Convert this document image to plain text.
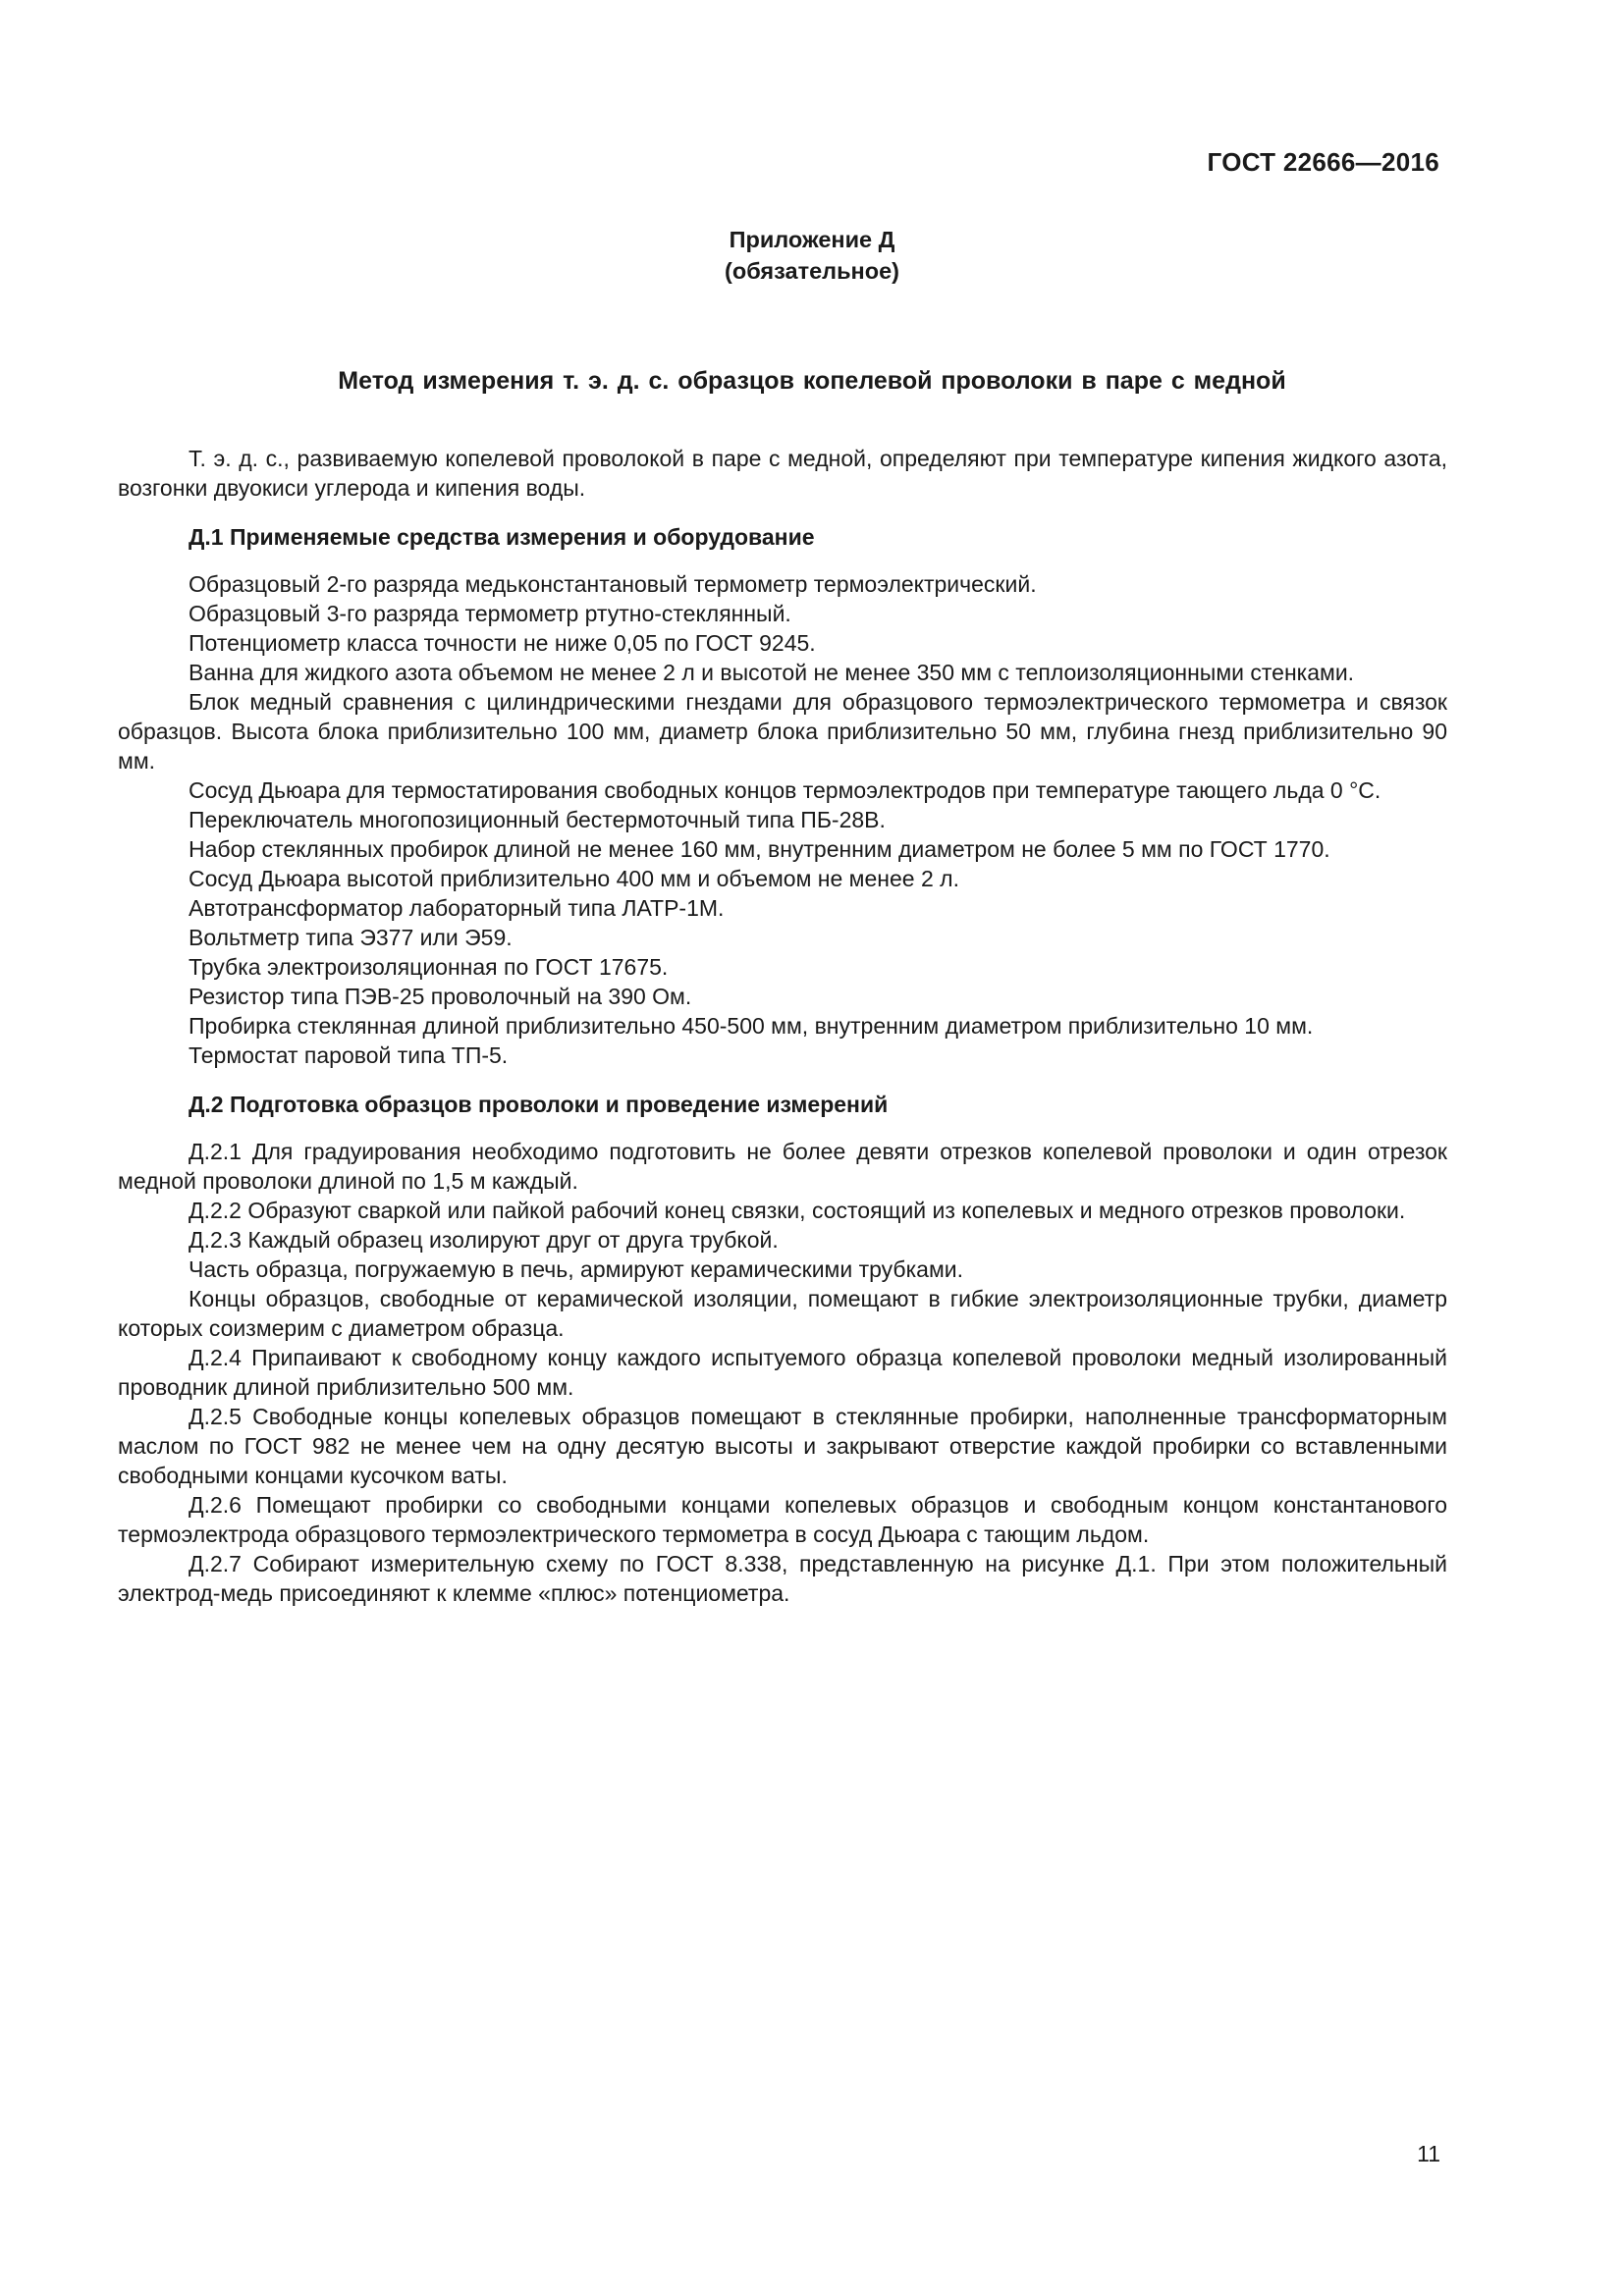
ГОСТ 22666—2016
Приложение Д
(обязательное)
Метод измерения т. э. д. с. образцов копелевой проволоки в паре с медной

Т. э. д. с., развиваемую копелевой проволокой в паре с медной, определяют при температуре кипения жидкого азота, возгонки двуокиси углерода и кипения воды.

Д.1 Применяемые средства измерения и оборудование

Образцовый 2-го разряда медьконстантановый термометр термоэлектрический.

Образцовый 3-го разряда термометр ртутно-стеклянный.

Потенциометр класса точности не ниже 0,05 по ГОСТ 9245.

Ванна для жидкого азота объемом не менее 2 л и высотой не менее 350 мм с теплоизоляционными стенками.

Блок медный сравнения с цилиндрическими гнездами для образцового термоэлектрического термометра и связок образцов. Высота блока приблизительно 100 мм, диаметр блока приблизительно 50 мм, глубина гнезд приблизительно 90 мм.

Сосуд Дьюара для термостатирования свободных концов термоэлектродов при температуре тающего льда 0 °С.

Переключатель многопозиционный бестермоточный типа ПБ-28В.

Набор стеклянных пробирок длиной не менее 160 мм, внутренним диаметром не более 5 мм по ГОСТ 1770.

Сосуд Дьюара высотой приблизительно 400 мм и объемом не менее 2 л.

Автотрансформатор лабораторный типа ЛАТР-1М.

Вольтметр типа Э377 или Э59.

Трубка электроизоляционная по ГОСТ 17675.

Резистор типа ПЭВ-25 проволочный на 390 Ом.

Пробирка стеклянная длиной приблизительно 450-500 мм, внутренним диаметром приблизительно 10 мм.

Термостат паровой типа ТП-5.

Д.2 Подготовка образцов проволоки и проведение измерений

Д.2.1 Для градуирования необходимо подготовить не более девяти отрезков копелевой проволоки и один отрезок медной проволоки длиной по 1,5 м каждый.

Д.2.2 Образуют сваркой или пайкой рабочий конец связки, состоящий из копелевых и медного отрезков проволоки.

Д.2.3 Каждый образец изолируют друг от друга трубкой.

Часть образца, погружаемую в печь, армируют керамическими трубками.

Концы образцов, свободные от керамической изоляции, помещают в гибкие электроизоляционные трубки, диаметр которых соизмерим с диаметром образца.

Д.2.4 Припаивают к свободному концу каждого испытуемого образца копелевой проволоки медный изолированный проводник длиной приблизительно 500 мм.

Д.2.5 Свободные концы копелевых образцов помещают в стеклянные пробирки, наполненные трансформаторным маслом по ГОСТ 982 не менее чем на одну десятую высоты и закрывают отверстие каждой пробирки со вставленными свободными концами кусочком ваты.

Д.2.6 Помещают пробирки со свободными концами копелевых образцов и свободным концом константанового термоэлектрода образцового термоэлектрического термометра в сосуд Дьюара с тающим льдом.

Д.2.7 Собирают измерительную схему по ГОСТ 8.338, представленную на рисунке Д.1. При этом положительный электрод-медь присоединяют к клемме «плюс» потенциометра.

11
